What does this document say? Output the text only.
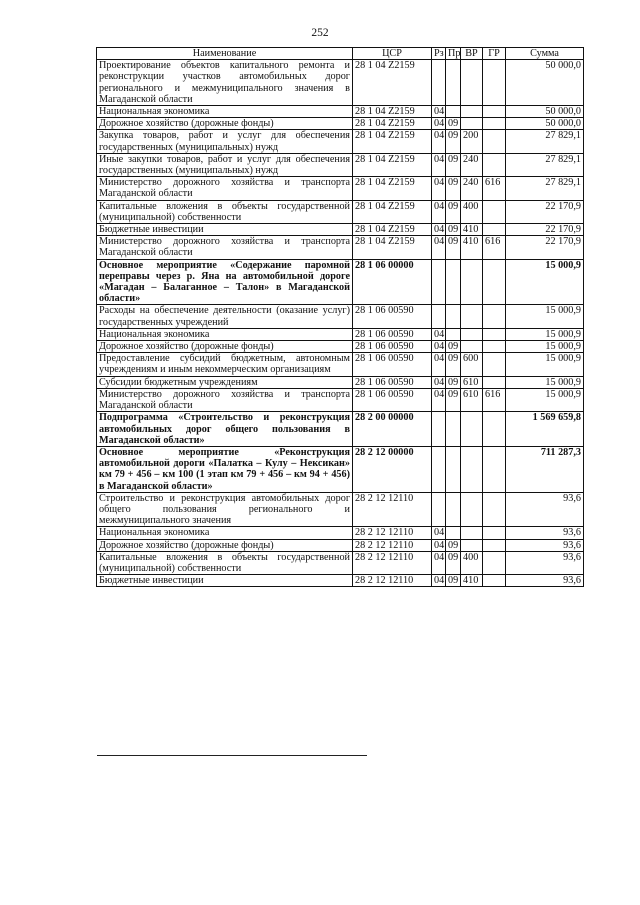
252
Наименование	ЦСР	Рз	Пр	ВР	ГР	Сумма
Проектирование объектов капитального ремонта и реконструкции участков автомобильных дорог регионального и межмуниципального значения в Магаданской области	28 1 04 Z2159					50 000,0
Национальная экономика	28 1 04 Z2159	04				50 000,0
Дорожное хозяйство (дорожные фонды)	28 1 04 Z2159	04	09			50 000,0
Закупка товаров, работ и услуг для обеспечения государственных (муниципальных) нужд	28 1 04 Z2159	04	09	200		27 829,1
Иные закупки товаров, работ и услуг для обеспечения государственных (муниципальных) нужд	28 1 04 Z2159	04	09	240		27 829,1
Министерство дорожного хозяйства и транспорта Магаданской области	28 1 04 Z2159	04	09	240	616	27 829,1
Капитальные вложения в объекты государственной (муниципальной) собственности	28 1 04 Z2159	04	09	400		22 170,9
Бюджетные инвестиции	28 1 04 Z2159	04	09	410		22 170,9
Министерство дорожного хозяйства и транспорта Магаданской области	28 1 04 Z2159	04	09	410	616	22 170,9
Основное мероприятие «Содержание паромной переправы через р. Яна на автомобильной дороге «Магадан – Балаганное – Талон» в Магаданской области»	28 1 06 00000					15 000,9
Расходы на обеспечение деятельности (оказание услуг) государственных учреждений	28 1 06 00590					15 000,9
Национальная экономика	28 1 06 00590	04				15 000,9
Дорожное хозяйство (дорожные фонды)	28 1 06 00590	04	09			15 000,9
Предоставление субсидий бюджетным, автономным учреждениям и иным некоммерческим организациям	28 1 06 00590	04	09	600		15 000,9
Субсидии бюджетным учреждениям	28 1 06 00590	04	09	610		15 000,9
Министерство дорожного хозяйства и транспорта Магаданской области	28 1 06 00590	04	09	610	616	15 000,9
Подпрограмма «Строительство и реконструкция автомобильных дорог общего пользования в Магаданской области»	28 2 00 00000					1 569 659,8
Основное мероприятие «Реконструкция автомобильной дороги «Палатка – Кулу – Нексикан» км 79 + 456 – км 100 (1 этап км 79 + 456 – км 94 + 456) в Магаданской области»	28 2 12 00000					711 287,3
Строительство и реконструкция автомобильных дорог общего пользования регионального и межмуниципального значения	28 2 12 12110					93,6
Национальная экономика	28 2 12 12110	04				93,6
Дорожное хозяйство (дорожные фонды)	28 2 12 12110	04	09			93,6
Капитальные вложения в объекты государственной (муниципальной) собственности	28 2 12 12110	04	09	400		93,6
Бюджетные инвестиции	28 2 12 12110	04	09	410		93,6
